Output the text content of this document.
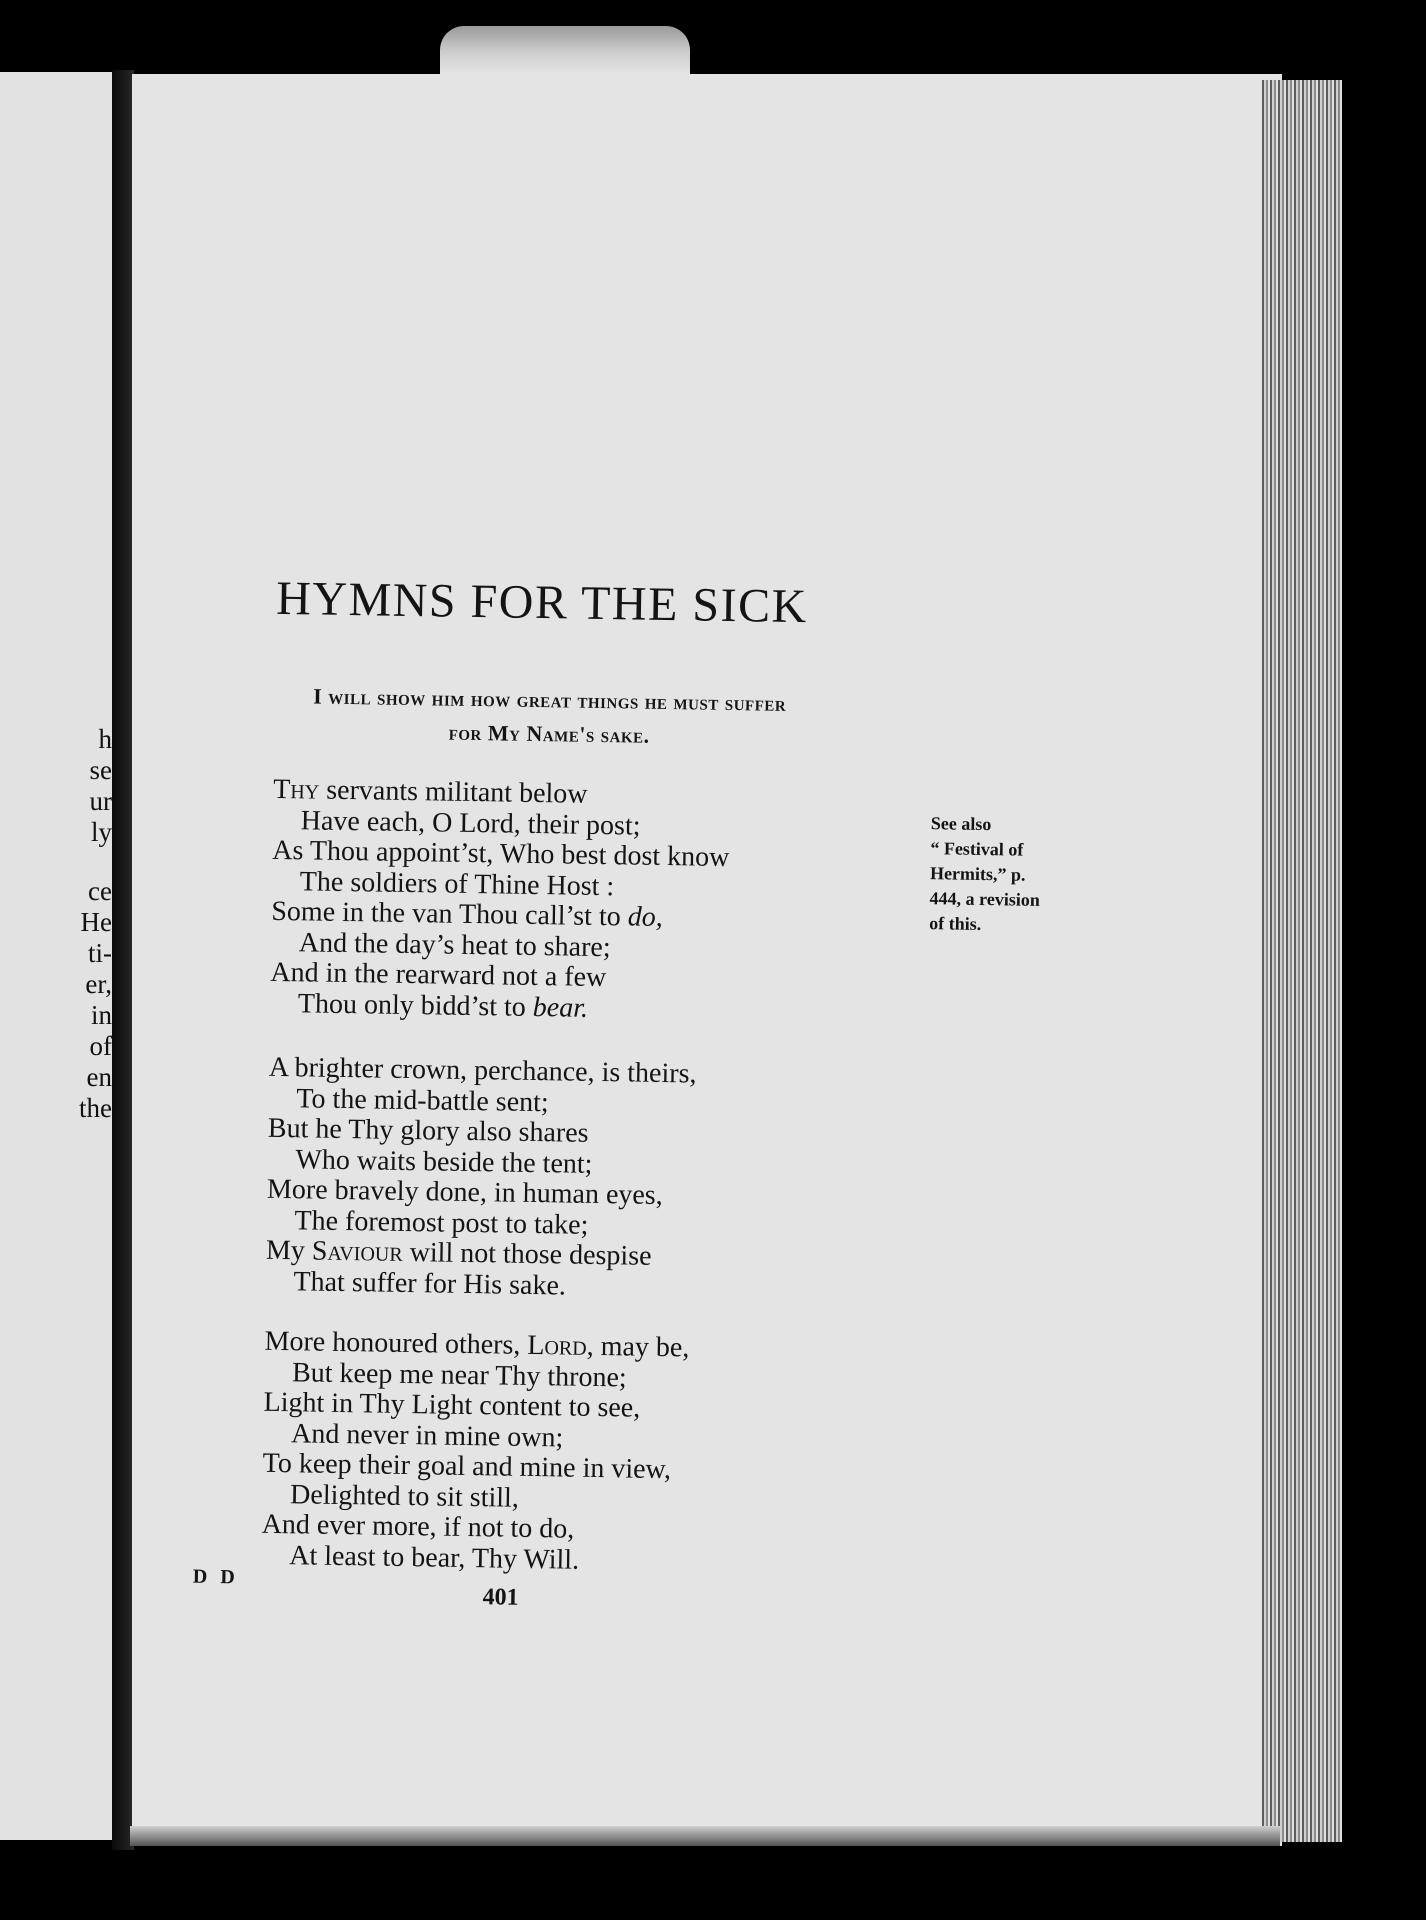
h
se
ur
ly
ce
He
ti-
er,
in
of
en
the
HYMNS FOR THE SICK
I will show him how great things he must suffer
for My Name's sake.
See also
“ Festival of
Hermits,” p.
444, a revision
of this.
Thy servants militant below
Have each, O Lord, their post;
As Thou appoint’st, Who best dost know
The soldiers of Thine Host :
Some in the van Thou call’st to do,
And the day’s heat to share;
And in the rearward not a few
Thou only bidd’st to bear.
A brighter crown, perchance, is theirs,
To the mid-battle sent;
But he Thy glory also shares
Who waits beside the tent;
More bravely done, in human eyes,
The foremost post to take;
My Saviour will not those despise
That suffer for His sake.
More honoured others, Lord, may be,
But keep me near Thy throne;
Light in Thy Light content to see,
And never in mine own;
To keep their goal and mine in view,
Delighted to sit still,
And ever more, if not to do,
At least to bear, Thy Will.
D D
401
